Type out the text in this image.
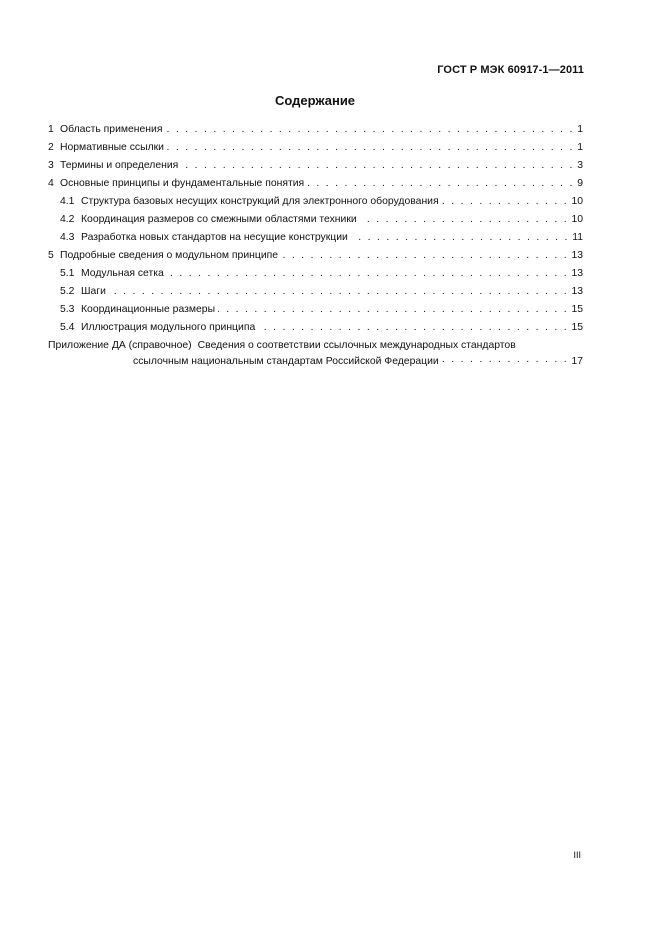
ГОСТ Р МЭК 60917-1—2011
Содержание
1 Область применения . . .	1
2 Нормативные ссылки . . .	1
3 Термины и определения . . .	3
4 Основные принципы и фундаментальные понятия . . .	9
4.1 Структура базовых несущих конструкций для электронного оборудования . . .	10
4.2 Координация размеров со смежными областями техники . . .	10
4.3 Разработка новых стандартов на несущие конструкции . . .	11
5 Подробные сведения о модульном принципе . . .	13
5.1 Модульная сетка . . .	13
5.2 Шаги . . .	13
5.3 Координационные размеры . . .	15
5.4 Иллюстрация модульного принципа . . .	15
Приложение ДА (справочное) Сведения о соответствии ссылочных международных стандартов
ссылочным национальным стандартам Российской Федерации . . .	17
III
